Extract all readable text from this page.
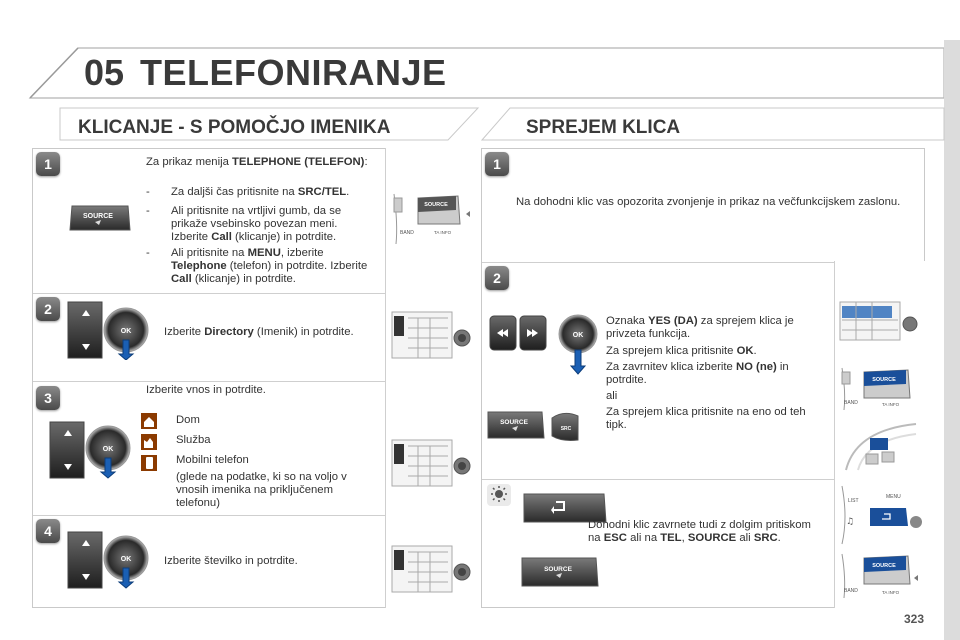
05 TELEFONIRANJE
KLICANJE - S POMOČJO IMENIKA	SPREJEM KLICA
1
2
3
4
SOURCE
Za prikaz menija TELEPHONE (TELEFON):
- Za daljši čas pritisnite na SRC/TEL.
- Ali pritisnite na vrtljivi gumb, da se prikaže vsebinsko povezan meni. Izberite Call (klicanje) in potrdite.
- Ali pritisnite na MENU, izberite Telephone (telefon) in potrdite. Izberite Call (klicanje) in potrdite.
SOURCE
BAND	TA INFO
OK	Izberite Directory (Imenik) in potrdite.
Izberite vnos in potrdite.
Dom
Služba
Mobilni telefon
(glede na podatke, ki so na voljo v vnosih imenika na priključenem telefonu)
OK
OK	Izberite številko in potrdite.
1
2
Na dohodni klic vas opozorita zvonjenje in prikaz na večfunkcijskem zaslonu.
OK
SOURCE
SRC
Oznaka YES (DA) za sprejem klica je privzeta funkcija.
Za sprejem klica pritisnite OK.
Za zavrnitev klica izberite NO (ne) in potrdite.
ali
Za sprejem klica pritisnite na eno od teh tipk.
SOURCE
BAND	TA INFO
SOURCE
Dohodni klic zavrnete tudi z dolgim pritiskom na ESC ali na TEL, SOURCE ali SRC.
LIST
MENU
♫
SOURCE
BAND	TA INFO
323
